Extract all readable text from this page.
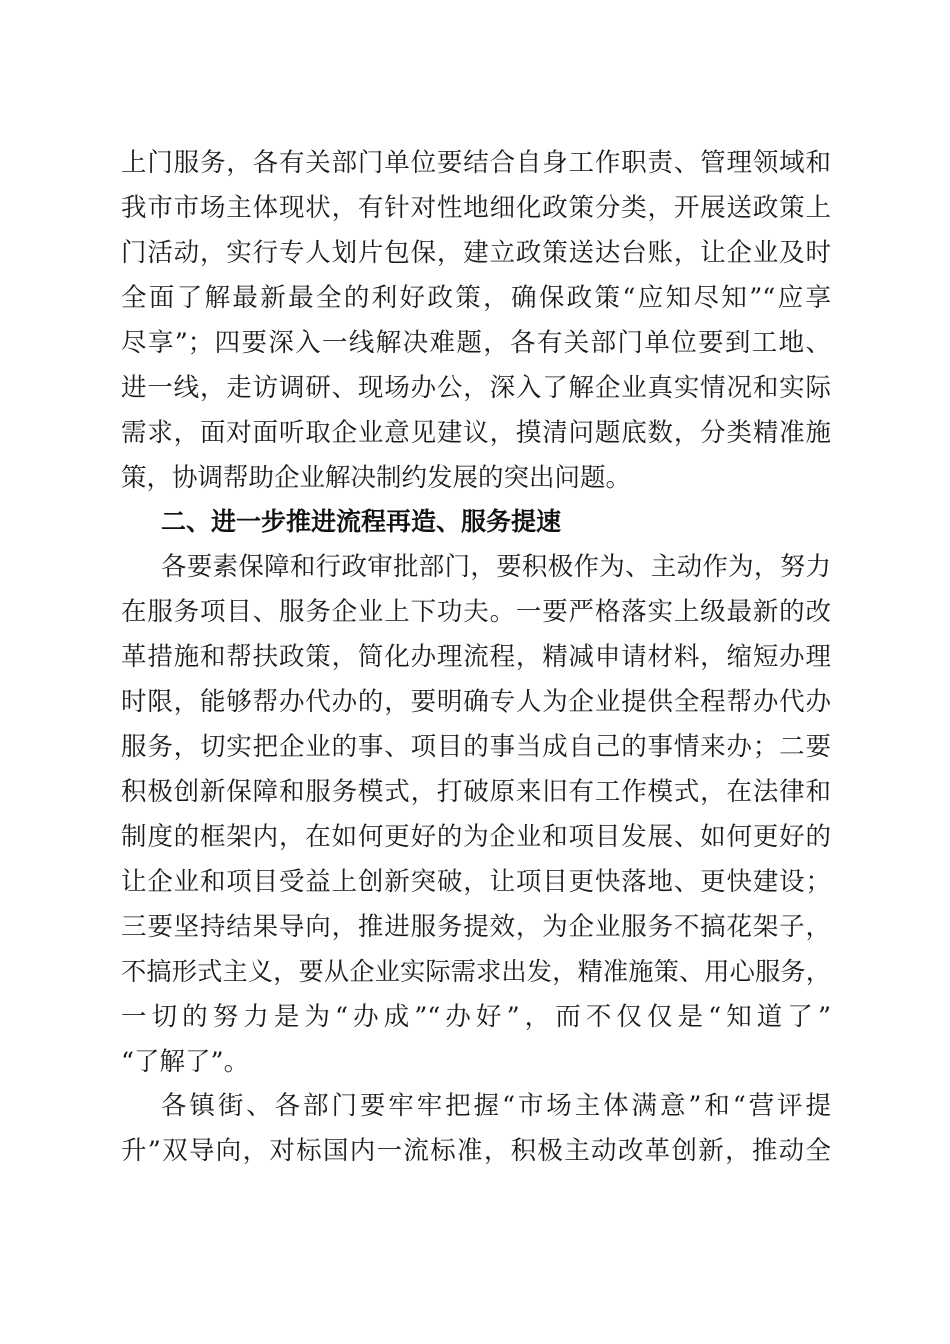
上门服务，各有关部门单位要结合自身工作职责、管理领域和
我市市场主体现状，有针对性地细化政策分类，开展送政策上
门活动，实行专人划片包保，建立政策送达台账，让企业及时
全面了解最新最全的利好政策，确保政策“应知尽知”“应享
尽享”；四要深入一线解决难题，各有关部门单位要到工地、
进一线，走访调研、现场办公，深入了解企业真实情况和实际
需求，面对面听取企业意见建议，摸清问题底数，分类精准施
策，协调帮助企业解决制约发展的突出问题。
二、进一步推进流程再造、服务提速
各要素保障和行政审批部门，要积极作为、主动作为，努力
在服务项目、服务企业上下功夫。一要严格落实上级最新的改
革措施和帮扶政策，简化办理流程，精减申请材料，缩短办理
时限，能够帮办代办的，要明确专人为企业提供全程帮办代办
服务，切实把企业的事、项目的事当成自己的事情来办；二要
积极创新保障和服务模式，打破原来旧有工作模式，在法律和
制度的框架内，在如何更好的为企业和项目发展、如何更好的
让企业和项目受益上创新突破，让项目更快落地、更快建设；
三要坚持结果导向，推进服务提效，为企业服务不搞花架子，
不搞形式主义，要从企业实际需求出发，精准施策、用心服务，
一切的努力是为“办成”“办好”，而不仅仅是“知道了”
“了解了”。
各镇街、各部门要牢牢把握“市场主体满意”和“营评提
升”双导向，对标国内一流标准，积极主动改革创新，推动全
